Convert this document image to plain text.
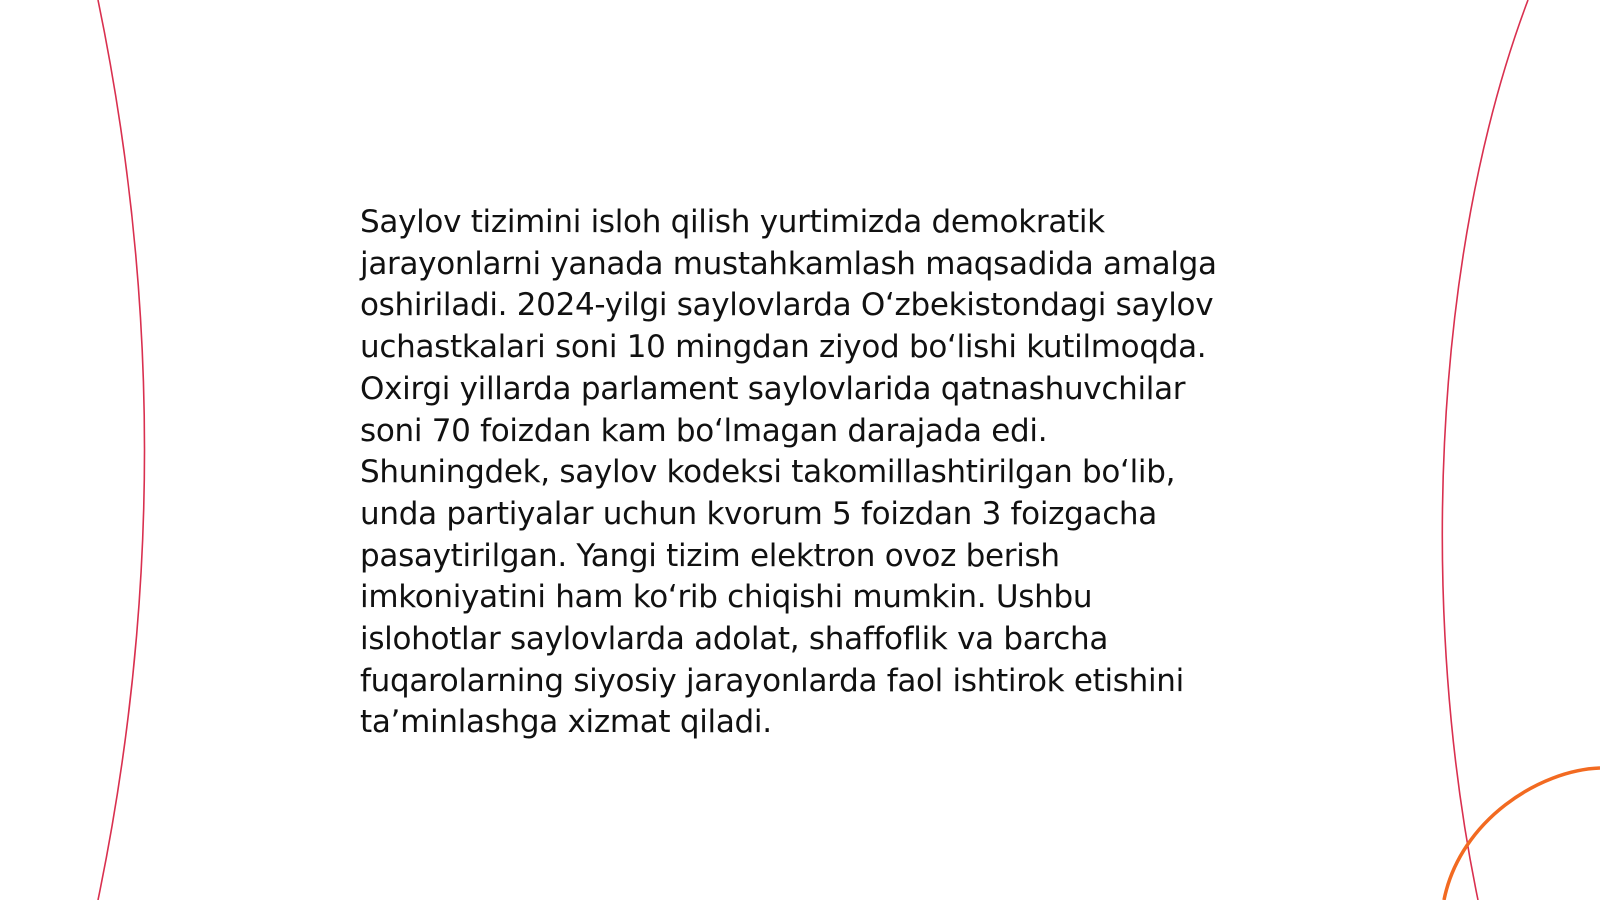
Saylov tizimini isloh qilish yurtimizda demokratik jarayonlarni yanada mustahkamlash maqsadida amalga oshiriladi. 2024-yilgi saylovlarda O‘zbekistondagi saylov uchastkalari soni 10 mingdan ziyod bo‘lishi kutilmoqda. Oxirgi yillarda parlament saylovlarida qatnashuvchilar soni 70 foizdan kam bo‘lmagan darajada edi. Shuningdek, saylov kodeksi takomillashtirilgan bo‘lib, unda partiyalar uchun kvorum 5 foizdan 3 foizgacha pasaytirilgan. Yangi tizim elektron ovoz berish imkoniyatini ham ko‘rib chiqishi mumkin. Ushbu islohotlar saylovlarda adolat, shaffoflik va barcha fuqarolarning siyosiy jarayonlarda faol ishtirok etishini ta’minlashga xizmat qiladi.
